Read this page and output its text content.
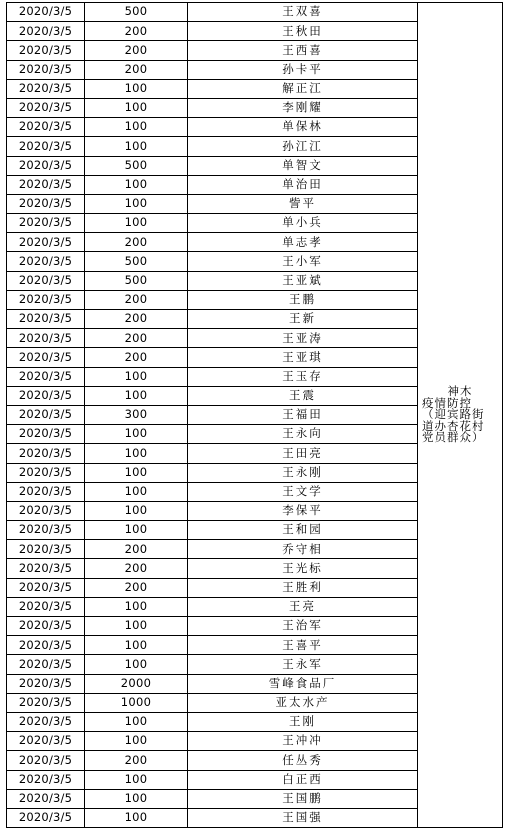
2020/3/5	500	王双喜	神木
疫情防控
（迎宾路街
道办杏花村
党员群众）

2020/3/5	200	王秋田	
2020/3/5	200	王西喜	
2020/3/5	200	孙卡平	
2020/3/5	100	解正江	
2020/3/5	100	李刚耀	
2020/3/5	100	单保林	
2020/3/5	100	孙江江	
2020/3/5	500	单智文	
2020/3/5	100	单治田	
2020/3/5	100	訾平	
2020/3/5	100	单小兵	
2020/3/5	200	单志孝	
2020/3/5	500	王小军	
2020/3/5	500	王亚斌	
2020/3/5	200	王鹏	
2020/3/5	200	王新	
2020/3/5	200	王亚涛	
2020/3/5	200	王亚琪	
2020/3/5	100	王玉存	
2020/3/5	100	王震	
2020/3/5	300	王福田	
2020/3/5	100	王永向	
2020/3/5	100	王田亮	
2020/3/5	100	王永刚	
2020/3/5	100	王文学	
2020/3/5	100	李保平	
2020/3/5	100	王和园	
2020/3/5	200	乔守相	
2020/3/5	200	王光标	
2020/3/5	200	王胜利	
2020/3/5	100	王亮	
2020/3/5	100	王治军	
2020/3/5	100	王喜平	
2020/3/5	100	王永军	
2020/3/5	2000	雪峰食品厂	
2020/3/5	1000	亚太水产	
2020/3/5	100	王刚	
2020/3/5	100	王冲冲	
2020/3/5	200	任丛秀	
2020/3/5	100	白正西	
2020/3/5	100	王国鹏	
2020/3/5	100	王国强	
